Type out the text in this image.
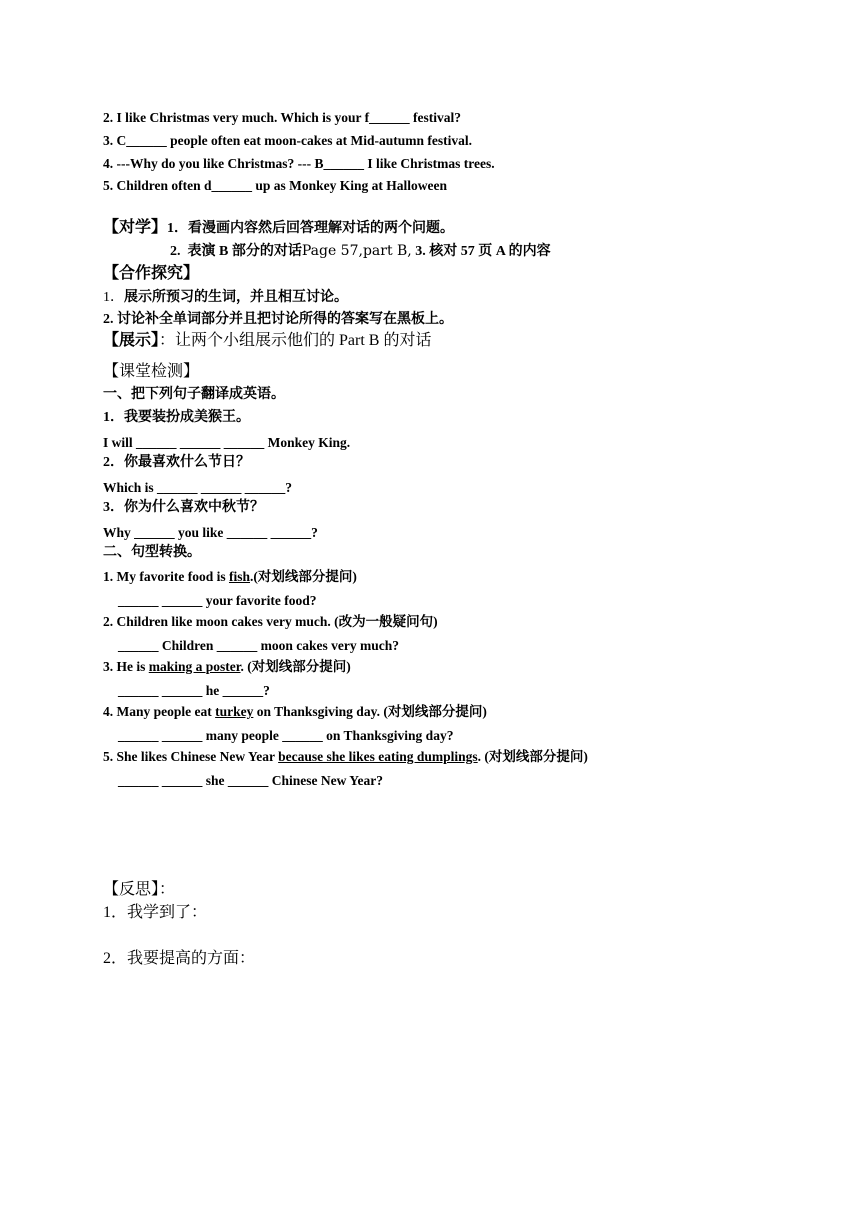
2. I like Christmas very much. Which is your f______ festival?
3. C______ people often eat moon-cakes at Mid-autumn festival.
4. ---Why do you like Christmas? --- B______ I like Christmas trees.
5. Children often d______ up as Monkey King at Halloween
【对学】1．看漫画内容然后回答理解对话的两个问题。
2. 表演 B 部分的对话Page 57,part B, 3. 核对 57 页 A 的内容
【合作探究】
1．展示所预习的生词，并且相互讨论。
2. 讨论补全单词部分并且把讨论所得的答案写在黑板上。
【展示】：让两个小组展示他们的 Part B 的对话
【课堂检测】
一、把下列句子翻译成英语。
1．我要装扮成美猴王。
I will ______ ______ ______ Monkey King.
2．你最喜欢什么节日？
Which is ______ ______ ______?
3．你为什么喜欢中秋节？
Why ______ you like ______ ______?
二、句型转换。
1. My favorite food is fish.(对划线部分提问)
______ ______ your favorite food?
2. Children like moon cakes very much. (改为一般疑问句)
______ Children ______ moon cakes very much?
3. He is making a poster. (对划线部分提问)
______ ______ he ______?
4. Many people eat turkey on Thanksgiving day. (对划线部分提问)
______ ______ many people ______ on Thanksgiving day?
5. She likes Chinese New Year because she likes eating dumplings. (对划线部分提问)
______ ______ she ______ Chinese New Year?
【反思】：
1．我学到了：
2．我要提高的方面：
